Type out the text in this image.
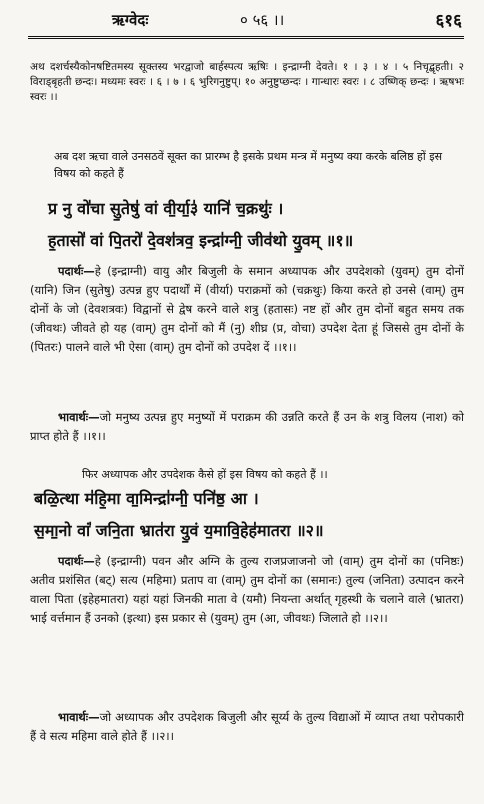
ऋग्वेदः	० ५६ ।।	६१६

अथ दशर्चस्यैकोनषष्टितमस्य सूक्तस्य भरद्वाजो बार्हस्पत्य ऋषिः । इन्द्राग्नी देवते। १ । ३ । ४ । ५ निचृद्बृहती। २ विराड्बृहती छन्दः। मध्यमः स्वरः । ६ । ७ । ६ भुरिगनुष्टुप्। १० अनुष्टुप्छन्दः । गान्धारः स्वरः । ८ उष्णिक् छन्दः । ऋषभः स्वरः ।।

अब दश ऋचा वाले उनसठवें सूक्त का प्रारम्भ है इसके प्रथम मन्त्र में मनुष्य क्या करके बलिष्ठ हों इस विषय को कहते हैं

प्र नु वो॑चा सु॒तेषु॑ वां वी॒र्या॒३॑ यानि॑ च॒क्रथुः॑ ।

ह॒तासो॑ वां पि॒तरो॑ दे॒वश॑त्रव॒ इन्द्रा॑ग्नी॒ जीव॑थो यु॒वम् ॥१॥

पदार्थः—हे (इन्द्राग्नी) वायु और बिजुली के समान अध्यापक और उपदेशको (युवम्) तुम दोनों (यानि) जिन (सुतेषु) उत्पन्न हुए पदार्थों में (वीर्या) पराक्रमों को (चक्रथुः) किया करते हो उनसे (वाम्) तुम दोनों के जो (देवशत्रवः) विद्वानों से द्वेष करने वाले शत्रु (हतासः) नष्ट हों और तुम दोनों बहुत समय तक (जीवथः) जीवते हो यह (वाम्) तुम दोनों को मैं (नु) शीघ्र (प्र, वोचा) उपदेश देता हूं जिससे तुम दोनों के (पितरः) पालने वाले भी ऐसा (वाम्) तुम दोनों को उपदेश दें ।।१।।

भावार्थः—जो मनुष्य उत्पन्न हुए मनुष्यों में पराक्रम की उन्नति करते हैं उन के शत्रु विलय (नाश) को प्राप्त होते हैं ।।१।।

फिर अध्यापक और उपदेशक कैसे हों इस विषय को कहते हैं ।।

बळि॒त्था म॑हि॒मा वा॒मिन्द्रा॑ग्नी॒ पनि॑ष्ठ॒ आ ।

स॒मा॒नो वां॑ जनि॒ता भ्रात॑रा यु॒वं य॒मावि॒हेह॑मातरा ॥२॥

पदार्थः—हे (इन्द्राग्नी) पवन और अग्नि के तुल्य राजप्रजाजनो जो (वाम्) तुम दोनों का (पनिष्ठः) अतीव प्रशंसित (बट्) सत्य (महिमा) प्रताप वा (वाम्) तुम दोनों का (समानः) तुल्य (जनिता) उत्पादन करने वाला पिता (इहेहमातरा) यहां यहां जिनकी माता वे (यमौ) नियन्ता अर्थात् गृहस्थी के चलाने वाले (भ्रातरा) भाई वर्त्तमान हैं उनको (इत्था) इस प्रकार से (युवम्) तुम (आ, जीवथः) जिलाते हो ।।२।।

भावार्थः—जो अध्यापक और उपदेशक बिजुली और सूर्य्य के तुल्य विद्याओं में व्याप्त तथा परोपकारी हैं वे सत्य महिमा वाले होते हैं ।।२।।
